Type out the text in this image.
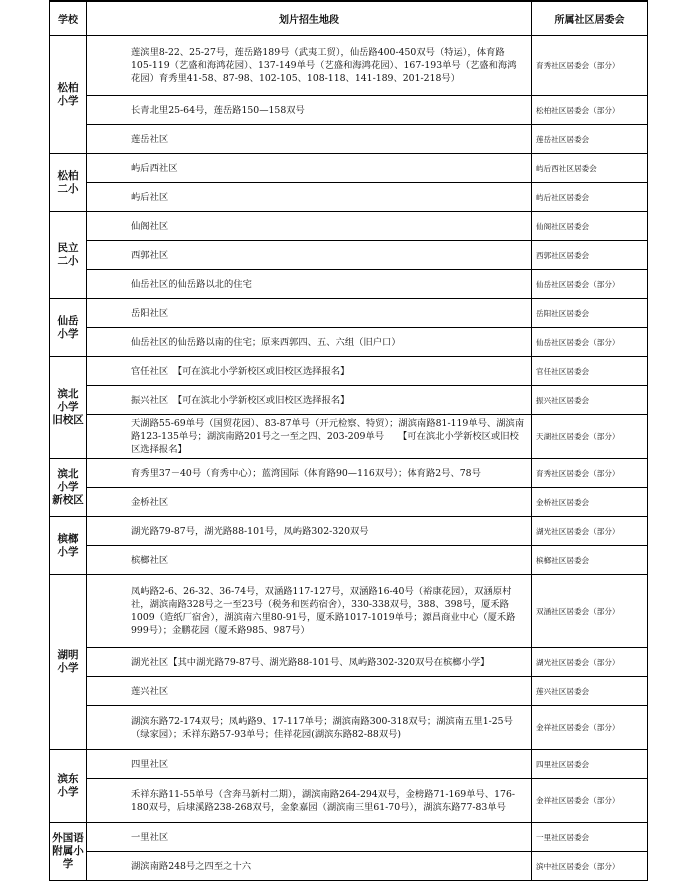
学校	划片招生地段	所属社区居委会
松柏
小学	莲滨里8-22、25-27号，莲岳路189号（武夷工贸），仙岳路400-450双号（特运），体育路105-119（艺盛和海鸿花园）、137-149单号（艺盛和海鸿花园）、167-193单号（艺盛和海鸿花园）育秀里41-58、87-98、102-105、108-118、141-189、201-218号）	育秀社区居委会（部分）
	长青北里25-64号，莲岳路150—158双号	松柏社区居委会（部分）
	莲岳社区	莲岳社区居委会
松柏
二小	屿后西社区	屿后西社区居委会
	屿后社区	屿后社区居委会
民立
二小	仙阁社区	仙阁社区居委会
	西郭社区	西郭社区居委会
	仙岳社区的仙岳路以北的住宅	仙岳社区居委会（部分）
仙岳
小学	岳阳社区	岳阳社区居委会
	仙岳社区的仙岳路以南的住宅；原来西郭四、五、六组（旧户口）	仙岳社区居委会（部分）
滨北
小学
旧校区	官任社区　【可在滨北小学新校区或旧校区选择报名】	官任社区居委会
	振兴社区　【可在滨北小学新校区或旧校区选择报名】	振兴社区居委会
	天湖路55-69单号（国贸花园）、83-87单号（开元检察、特贸）；湖滨南路81-119单号、湖滨南路123-135单号；湖滨南路201号之一至之四、203-209单号　　【可在滨北小学新校区或旧校区选择报名】	天湖社区居委会（部分）
滨北
小学
新校区	育秀里37－40号（育秀中心）；蓝湾国际（体育路90—116双号）；体育路2号、78号	育秀社区居委会（部分）
	金桥社区	金桥社区居委会
槟榔
小学	湖光路79-87号，湖光路88-101号，凤屿路302-320双号	湖光社区居委会（部分）
	槟榔社区	槟榔社区居委会
湖明
小学	凤屿路2-6、26-32、36-74号，双涵路117-127号，双涵路16-40号（裕康花园），双涵原村社，湖滨南路328号之一至23号（税务和医药宿舍），330-338双号，388、398号，厦禾路1009（造纸厂宿舍），湖滨南六里80-91号，厦禾路1017-1019单号；源昌商业中心（厦禾路999号）；金鹏花园（厦禾路985、987号）	双涵社区居委会（部分）
	湖光社区【其中湖光路79-87号、湖光路88-101号、凤屿路302-320双号在槟榔小学】	湖光社区居委会（部分）
	莲兴社区	莲兴社区居委会
	湖滨东路72-174双号；凤屿路9、17-117单号；湖滨南路300-318双号；湖滨南五里1-25号（绿家园）；禾祥东路57-93单号；佳祥花园(湖滨东路82-88双号)	金祥社区居委会（部分）
滨东
小学	四里社区	四里社区居委会
	禾祥东路11-55单号（含奔马新村二期），湖滨南路264-294双号，金榜路71-169单号、176-180双号，后埭溪路238-268双号，金象嘉园（湖滨南三里61-70号），湖滨东路77-83单号	金祥社区居委会（部分）
外国语
附属小
学	一里社区	一里社区居委会
	湖滨南路248号之四至之十六	滨中社区居委会（部分）
